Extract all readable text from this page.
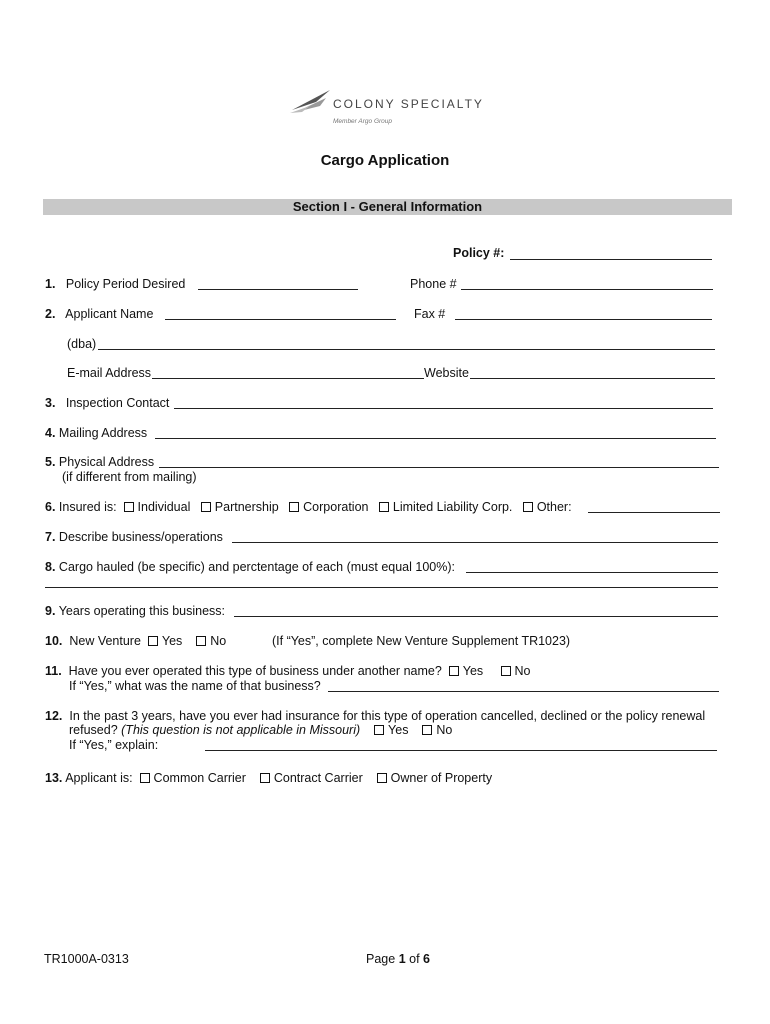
COLONY SPECIALTY
Member Argo Group
Cargo Application
Section I - General Information
Policy #:
1. Policy Period Desired	Phone #
2. Applicant Name	Fax #
(dba)
E-mail Address	Website
3. Inspection Contact
4. Mailing Address
5. Physical Address
(if different from mailing)
6. Insured is: Individual Partnership Corporation Limited Liability Corp. Other:
7. Describe business/operations
8. Cargo hauled (be specific) and perctentage of each (must equal 100%):
9. Years operating this business:
10. New Venture Yes No	(If “Yes”, complete New Venture Supplement TR1023)
11. Have you ever operated this type of business under another name? Yes	No
If “Yes,” what was the name of that business?
12. In the past 3 years, have you ever had insurance for this type of operation cancelled, declined or the policy renewal
refused? (This question is not applicable in Missouri) Yes No
If “Yes,” explain:
13. Applicant is: Common Carrier Contract Carrier Owner of Property
TR1000A-0313	Page 1 of 6
